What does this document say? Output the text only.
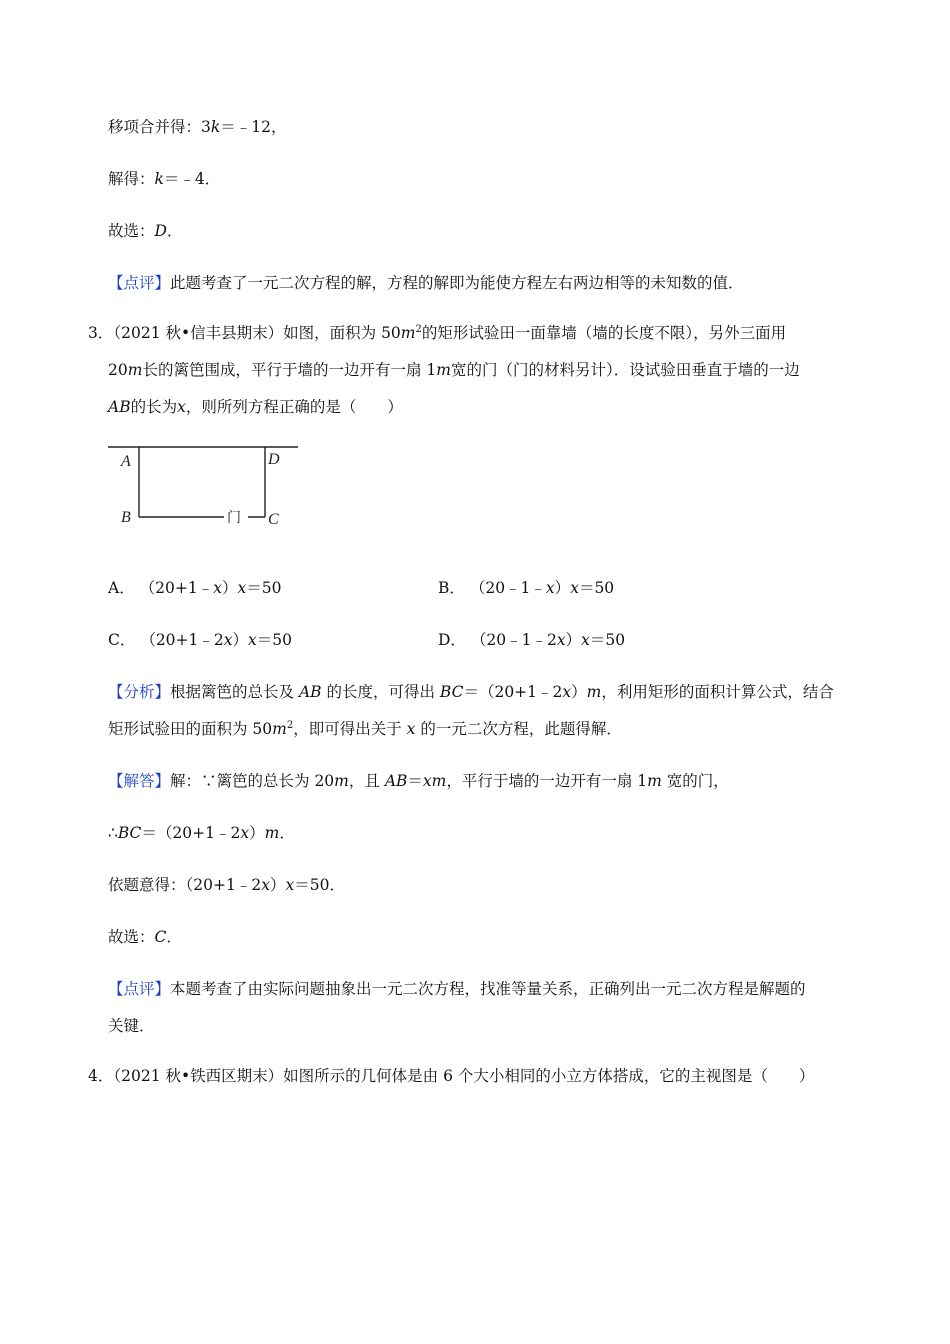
移项合并得：3k＝﹣12，
解得：k＝﹣4．
故选：D．
【点评】此题考查了一元二次方程的解，方程的解即为能使方程左右两边相等的未知数的值．
3．（2021 秋•信丰县期末）如图，面积为 $50m^2$的矩形试验田一面靠墙（墙的长度不限），另外三面用
20m长的篱笆围成，平行于墙的一边开有一扇 1m宽的门（门的材料另计）．设试验田垂直于墙的一边
AB的长为x，则所列方程正确的是（　　）
A	D
B	C
门
A． （20+1﹣x）x＝50	B． （20﹣1﹣x）x＝50
C． （20+1﹣2x）x＝50	D． （20﹣1﹣2x）x＝50
【分析】根据篱笆的总长及 AB 的长度，可得出 BC＝（20+1﹣2x）m，利用矩形的面积计算公式，结合
矩形试验田的面积为 $50m^2$，即可得出关于 x 的一元二次方程，此题得解．
【解答】解：∵篱笆的总长为 20m，且 AB＝xm，平行于墙的一边开有一扇 1m 宽的门，
∴BC＝（20+1﹣2x）m．
依题意得：（20+1﹣2x）x＝50．
故选：C．
【点评】本题考查了由实际问题抽象出一元二次方程，找准等量关系，正确列出一元二次方程是解题的
关键．
4．（2021 秋•铁西区期末）如图所示的几何体是由 6 个大小相同的小立方体搭成，它的主视图是（　　）
